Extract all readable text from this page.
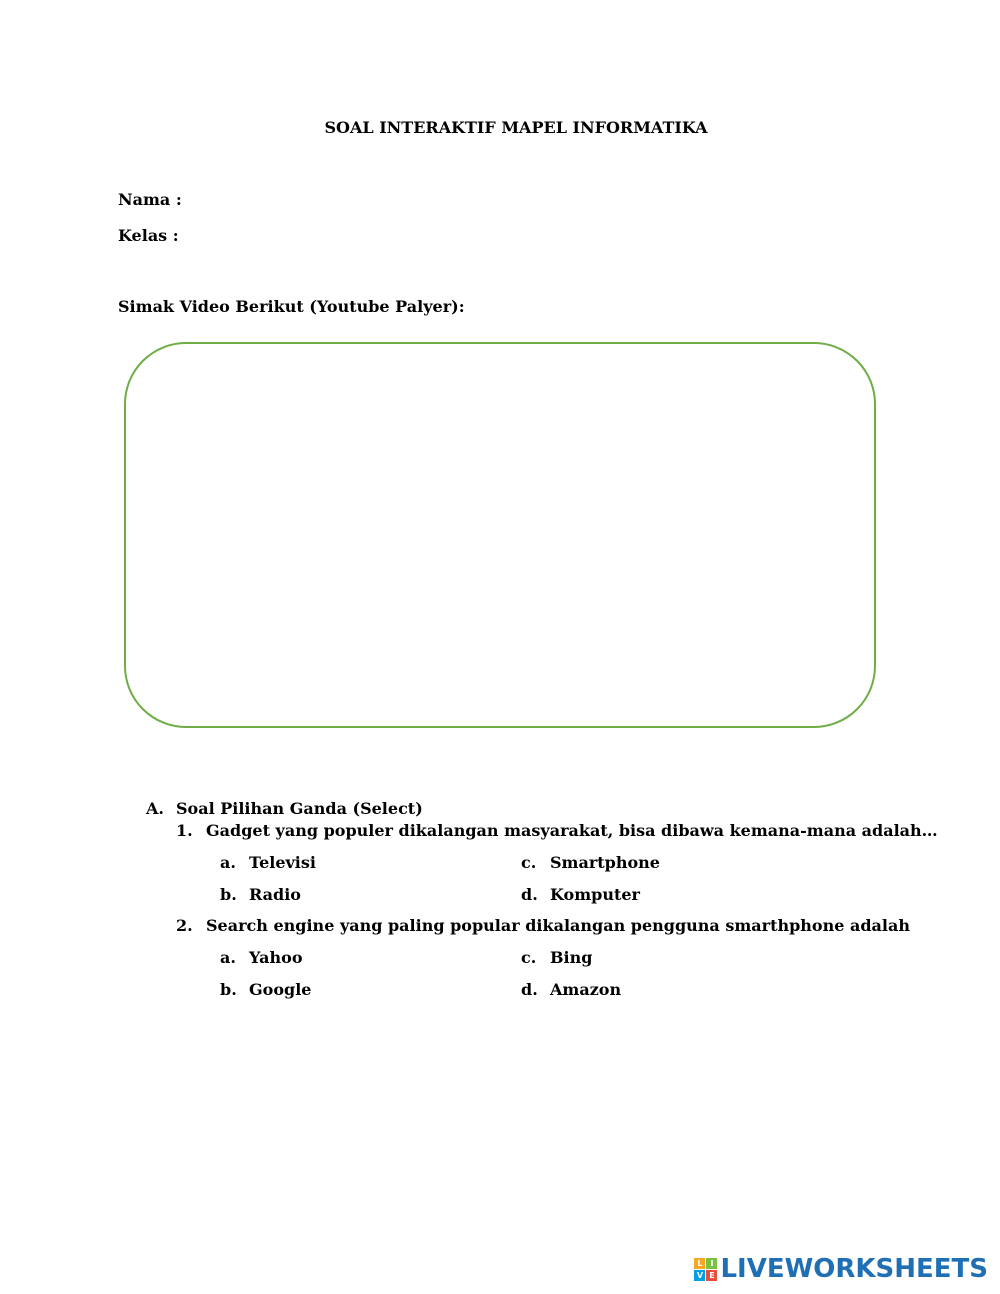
SOAL INTERAKTIF MAPEL INFORMATIKA
Nama :
Kelas :
Simak Video Berikut (Youtube Palyer):
A. Soal Pilihan Ganda (Select)
1. Gadget yang populer dikalangan masyarakat, bisa dibawa kemana-mana adalah…
a. Televisi
b. Radio
c. Smartphone
d. Komputer
2. Search engine yang paling popular dikalangan pengguna smarthphone adalah
a. Yahoo
b. Google
c. Bing
d. Amazon
L I
V E LIVEWORKSHEETS
